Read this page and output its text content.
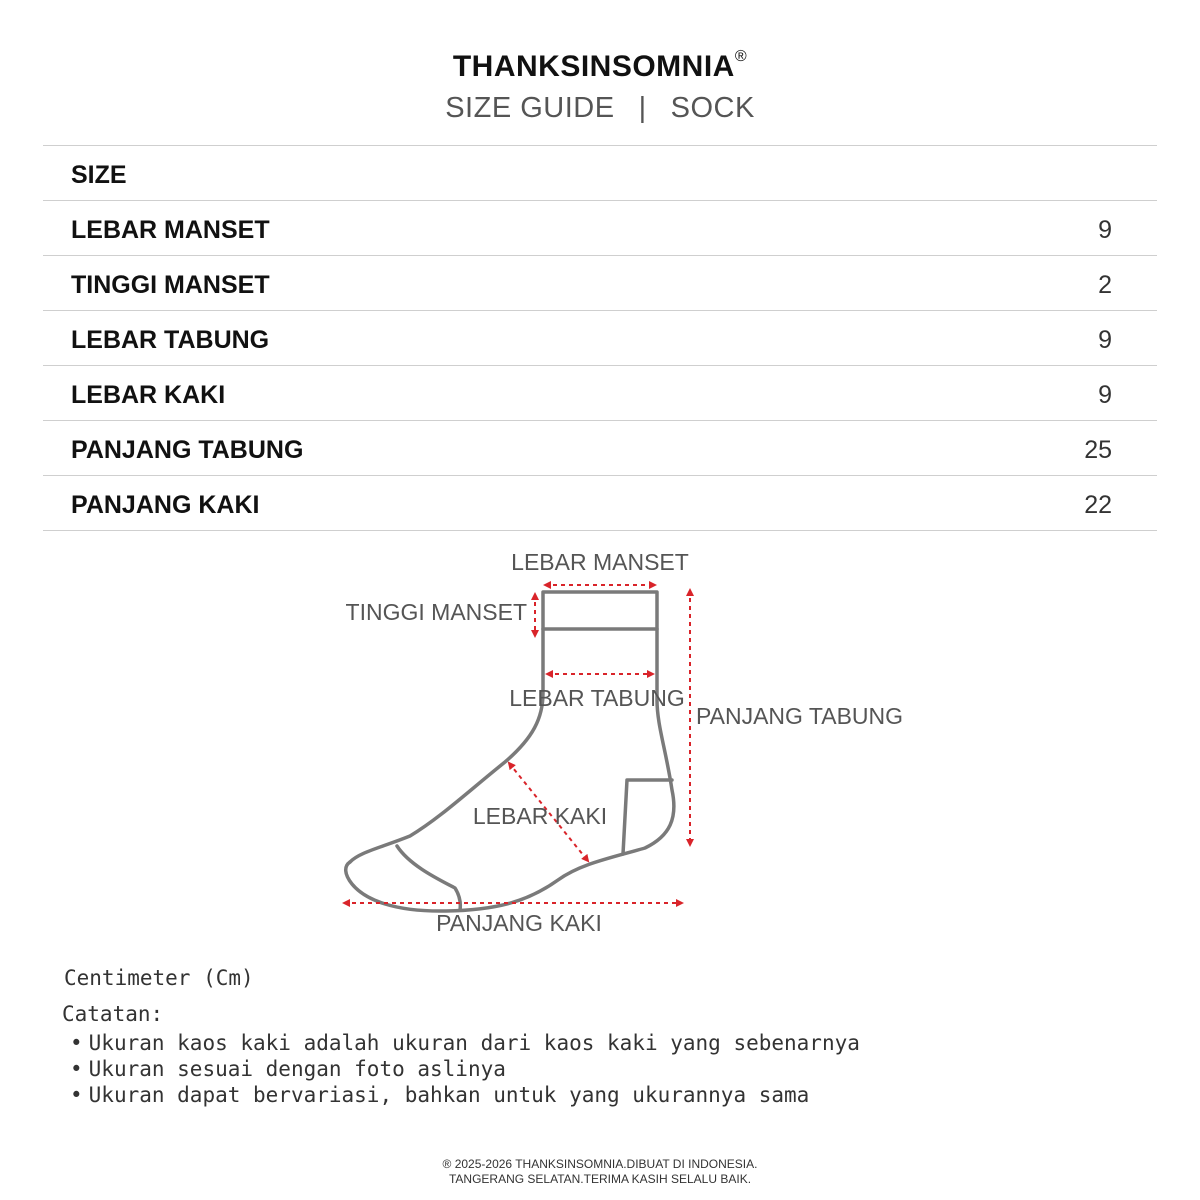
THANKSINSOMNIA®
SIZE GUIDE | SOCK
SIZE
LEBAR MANSET	9
TINGGI MANSET	2
LEBAR TABUNG	9
LEBAR KAKI	9
PANJANG TABUNG	25
PANJANG KAKI	22
LEBAR MANSET
TINGGI MANSET
LEBAR TABUNG
PANJANG TABUNG
LEBAR KAKI
PANJANG KAKI
Centimeter (Cm)
Catatan:
• Ukuran kaos kaki adalah ukuran dari kaos kaki yang sebenarnya
• Ukuran sesuai dengan foto aslinya
• Ukuran dapat bervariasi, bahkan untuk yang ukurannya sama
® 2025-2026 THANKSINSOMNIA.DIBUAT DI INDONESIA.
TANGERANG SELATAN.TERIMA KASIH SELALU BAIK.
